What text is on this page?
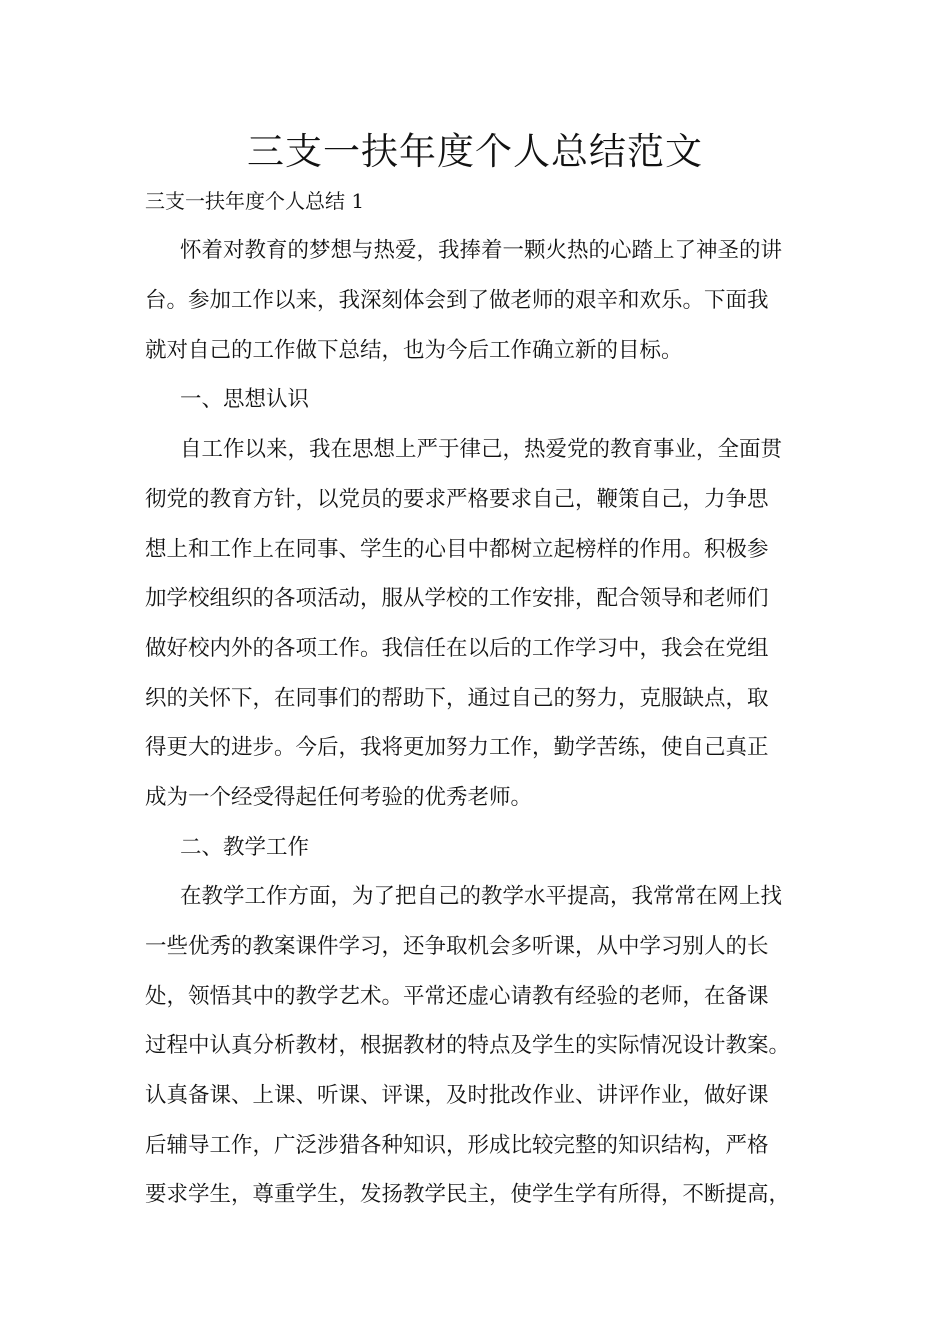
三支一扶年度个人总结范文
三支一扶年度个人总结 1
怀着对教育的梦想与热爱，我捧着一颗火热的心踏上了神圣的讲
台。参加工作以来，我深刻体会到了做老师的艰辛和欢乐。下面我
就对自己的工作做下总结，也为今后工作确立新的目标。
一、思想认识
自工作以来，我在思想上严于律己，热爱党的教育事业，全面贯
彻党的教育方针，以党员的要求严格要求自己，鞭策自己，力争思
想上和工作上在同事、学生的心目中都树立起榜样的作用。积极参
加学校组织的各项活动，服从学校的工作安排，配合领导和老师们
做好校内外的各项工作。我信任在以后的工作学习中，我会在党组
织的关怀下，在同事们的帮助下，通过自己的努力，克服缺点，取
得更大的进步。今后，我将更加努力工作，勤学苦练，使自己真正
成为一个经受得起任何考验的优秀老师。
二、教学工作
在教学工作方面，为了把自己的教学水平提高，我常常在网上找
一些优秀的教案课件学习，还争取机会多听课，从中学习别人的长
处，领悟其中的教学艺术。平常还虚心请教有经验的老师，在备课
过程中认真分析教材，根据教材的特点及学生的实际情况设计教案。
认真备课、上课、听课、评课，及时批改作业、讲评作业，做好课
后辅导工作，广泛涉猎各种知识，形成比较完整的知识结构，严格
要求学生，尊重学生，发扬教学民主，使学生学有所得，不断提高，
